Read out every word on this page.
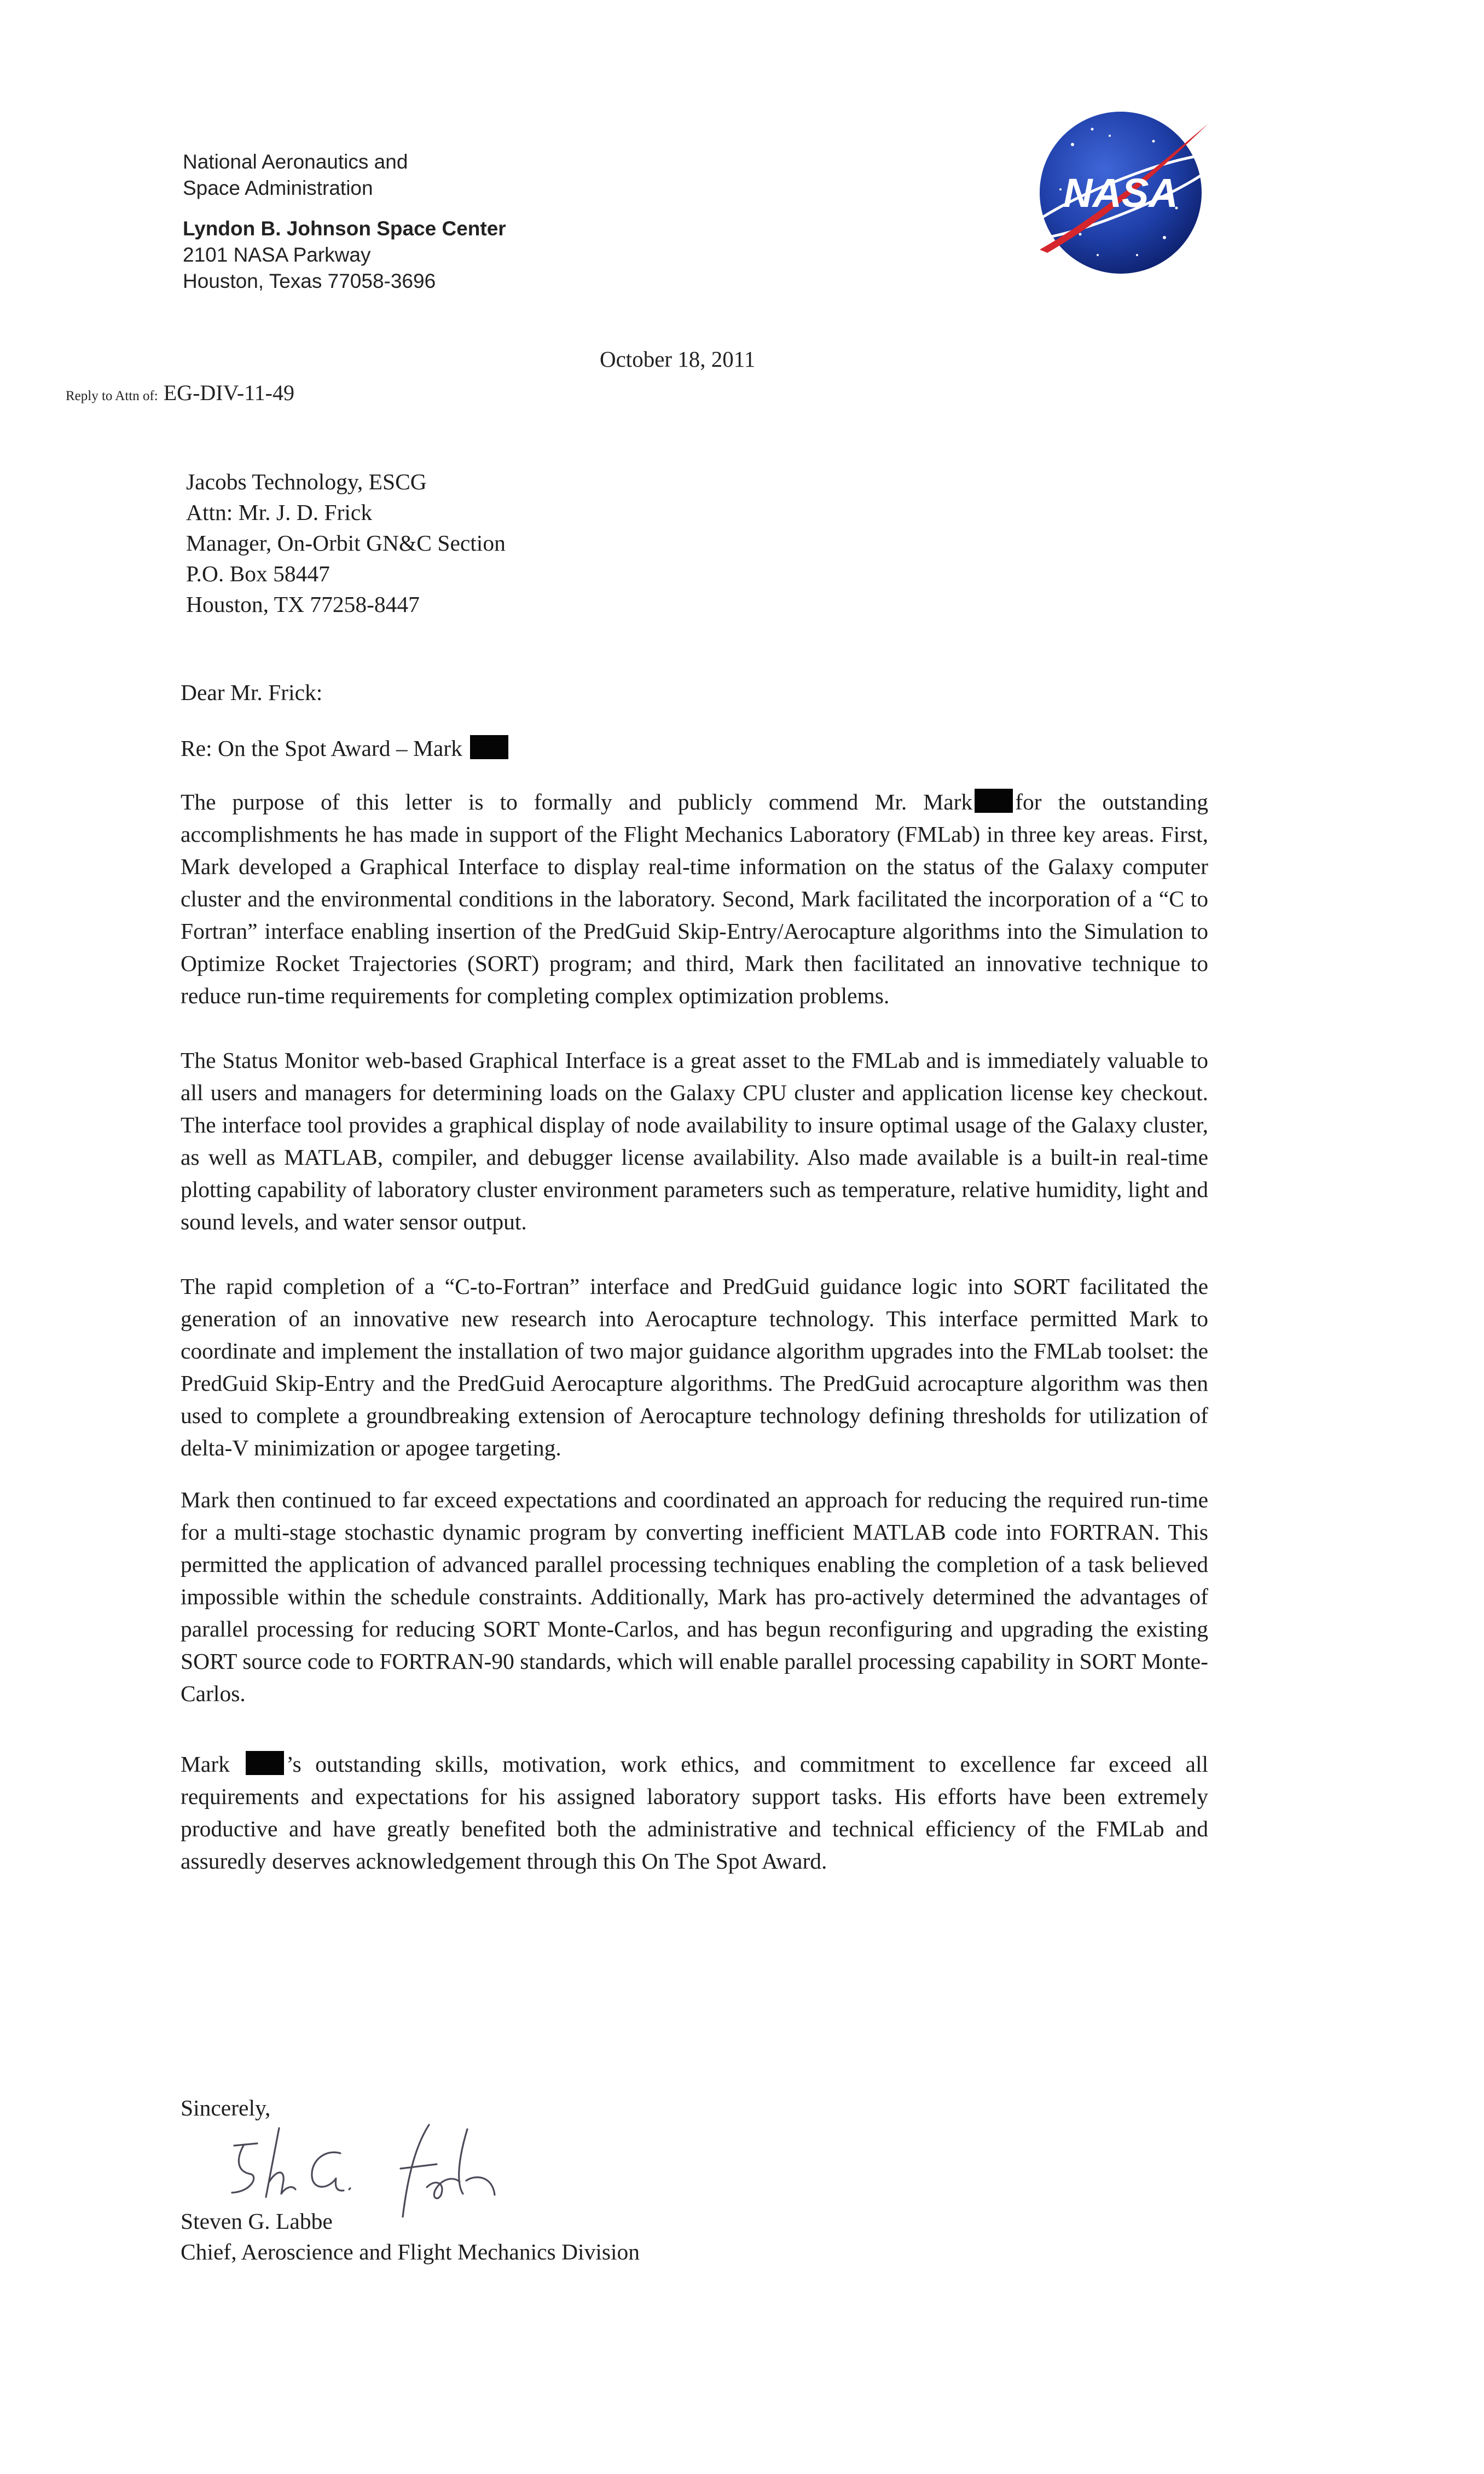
National Aeronautics and

Space Administration

Lyndon B. Johnson Space Center

2101 NASA Parkway

Houston, Texas 77058-3696

NASA
October 18, 2011
Reply to Attn of: EG-DIV-11-49

Jacobs Technology, ESCG

Attn: Mr. J. D. Frick

Manager, On-Orbit GN&C Section

P.O. Box 58447

Houston, TX 77258-8447

Dear Mr. Frick:

Re: On the Spot Award – Mark

The purpose of this letter is to formally and publicly commend Mr. Mark for the outstanding accomplishments he has made in support of the Flight Mechanics Laboratory (FMLab) in three key areas. First, Mark developed a Graphical Interface to display real-time information on the status of the Galaxy computer cluster and the environmental conditions in the laboratory. Second, Mark facilitated the incorporation of a “C to Fortran” interface enabling insertion of the PredGuid Skip-Entry/Aerocapture algorithms into the Simulation to Optimize Rocket Trajectories (SORT) program; and third, Mark then facilitated an innovative technique to reduce run-time requirements for completing complex optimization problems.

The Status Monitor web-based Graphical Interface is a great asset to the FMLab and is immediately valuable to all users and managers for determining loads on the Galaxy CPU cluster and application license key checkout. The interface tool provides a graphical display of node availability to insure optimal usage of the Galaxy cluster, as well as MATLAB, compiler, and debugger license availability. Also made available is a built-in real-time plotting capability of laboratory cluster environment parameters such as temperature, relative humidity, light and sound levels, and water sensor output.

The rapid completion of a “C-to-Fortran” interface and PredGuid guidance logic into SORT facilitated the generation of an innovative new research into Aerocapture technology. This interface permitted Mark to coordinate and implement the installation of two major guidance algorithm upgrades into the FMLab toolset: the PredGuid Skip-Entry and the PredGuid Aerocapture algorithms. The PredGuid acrocapture algorithm was then used to complete a groundbreaking extension of Aerocapture technology defining thresholds for utilization of delta-V minimization or apogee targeting.

Mark then continued to far exceed expectations and coordinated an approach for reducing the required run-time for a multi-stage stochastic dynamic program by converting inefficient MATLAB code into FORTRAN. This permitted the application of advanced parallel processing techniques enabling the completion of a task believed impossible within the schedule constraints. Additionally, Mark has pro-actively determined the advantages of parallel processing for reducing SORT Monte-Carlos, and has begun reconfiguring and upgrading the existing SORT source code to FORTRAN-90 standards, which will enable parallel processing capability in SORT Monte-Carlos.

Mark ’s outstanding skills, motivation, work ethics, and commitment to excellence far exceed all requirements and expectations for his assigned laboratory support tasks. His efforts have been extremely productive and have greatly benefited both the administrative and technical efficiency of the FMLab and assuredly deserves acknowledgement through this On The Spot Award.

Sincerely,

Steven G. Labbe

Chief, Aeroscience and Flight Mechanics Division
